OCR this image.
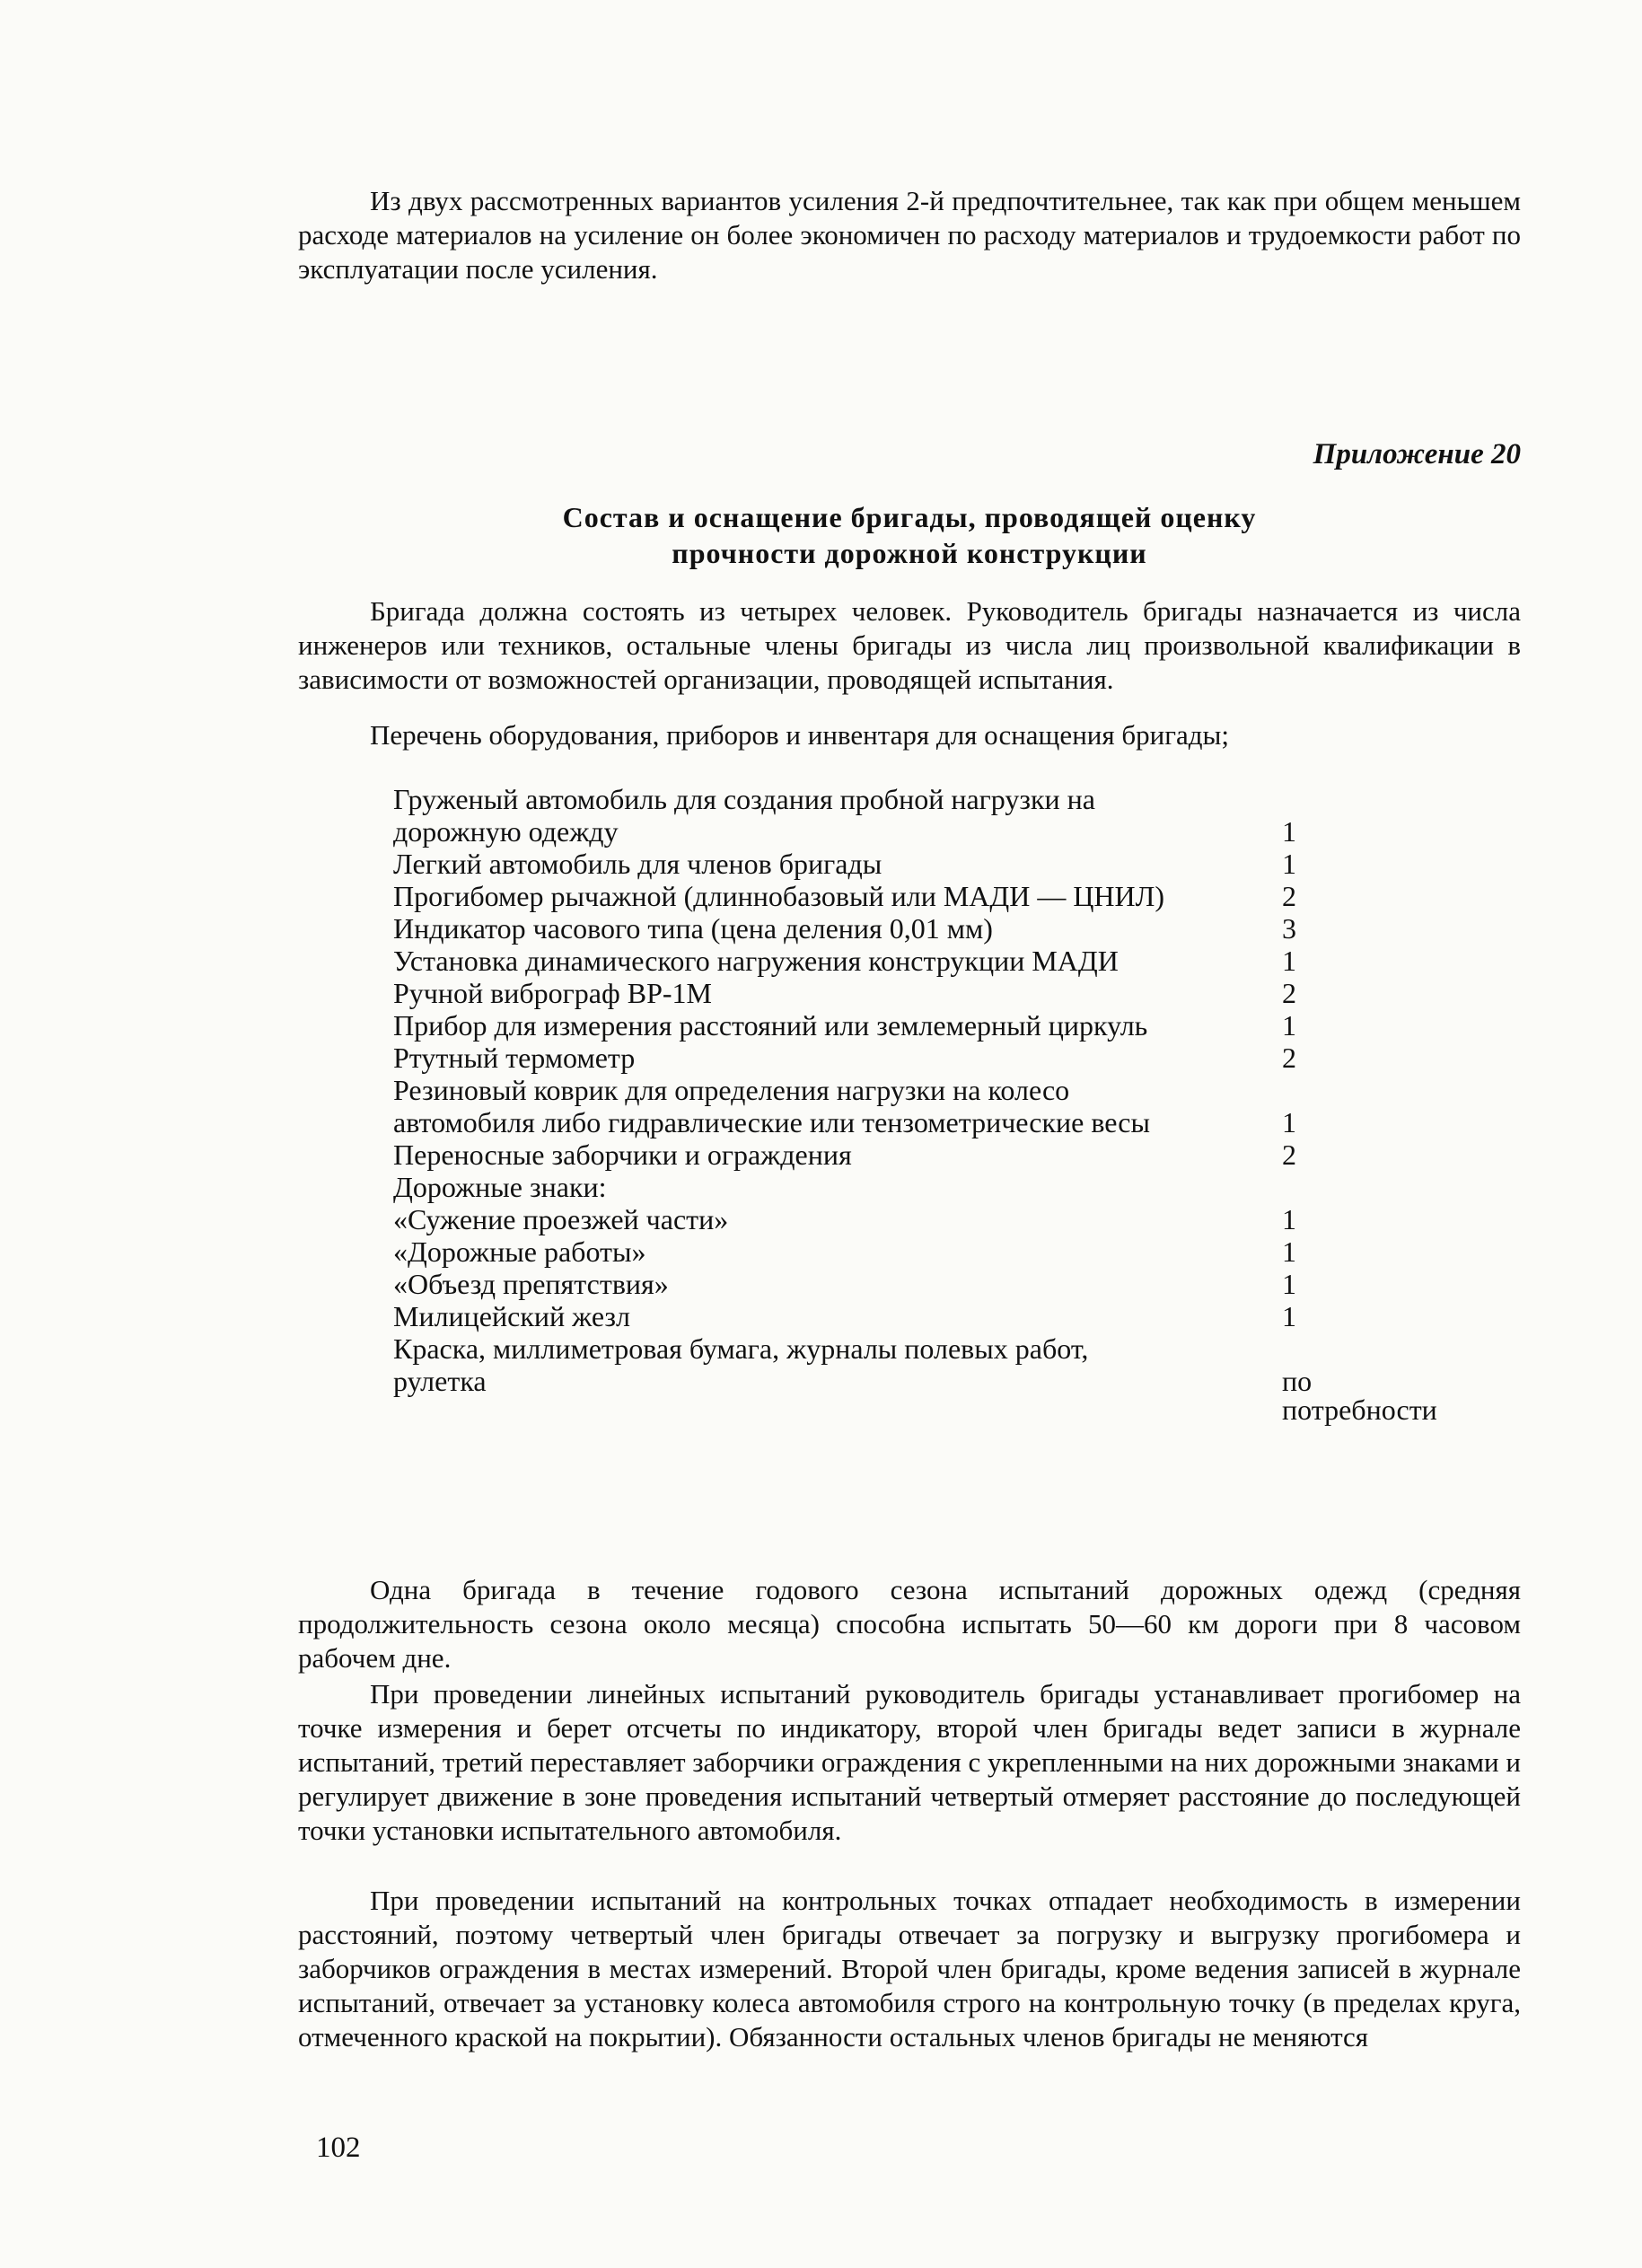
Из двух рассмотренных вариантов усиления 2-й предпочтительнее, так как при общем меньшем расходе материалов на усиление он более экономичен по расходу материалов и трудоемкости работ по эксплуатации после усиления.

Приложение 20
Состав и оснащение бригады, проводящей оценку
прочности дорожной конструкции

Бригада должна состоять из четырех человек. Руководитель бригады назначается из числа инженеров или техников, остальные члены бригады из числа лиц произвольной квалификации в зависимости от возможностей организации, проводящей испытания.

Перечень оборудования, приборов и инвентаря для оснащения бригады;

Груженый автомобиль для создания пробной нагрузки на дорожную одежду	1
Легкий автомобиль для членов бригады	1
Прогибомер рычажной (длиннобазовый или МАДИ — ЦНИЛ)	2
Индикатор часового типа (цена деления 0,01 мм)	3
Установка динамического нагружения конструкции МАДИ	1
Ручной виброграф ВР-1М	2
Прибор для измерения расстояний или землемерный циркуль	1
Ртутный термометр	2
Резиновый коврик для определения нагрузки на колесо автомобиля либо гидравлические или тензометрические весы	1
Переносные заборчики и ограждения	2
Дорожные знаки:
«Сужение проезжей части»	1
«Дорожные работы»	1
«Объезд препятствия»	1
Милицейский жезл	1
Краска, миллиметровая бумага, журналы полевых работ, рулетка	по потребности

Одна бригада в течение годового сезона испытаний дорожных одежд (средняя продолжительность сезона около месяца) способна испытать 50—60 км дороги при 8 часовом рабочем дне.

При проведении линейных испытаний руководитель бригады устанавливает прогибомер на точке измерения и берет отсчеты по индикатору, второй член бригады ведет записи в журнале испытаний, третий переставляет заборчики ограждения с укрепленными на них дорожными знаками и регулирует движение в зоне проведения испытаний четвертый отмеряет расстояние до последующей точки установки испытательного автомобиля.

При проведении испытаний на контрольных точках отпадает необходимость в измерении расстояний, поэтому четвертый член бригады отвечает за погрузку и выгрузку прогибомера и заборчиков ограждения в местах измерений. Второй член бригады, кроме ведения записей в журнале испытаний, отвечает за установку колеса автомобиля строго на контрольную точку (в пределах круга, отмеченного краской на покрытии). Обязанности остальных членов бригады не меняются

102
